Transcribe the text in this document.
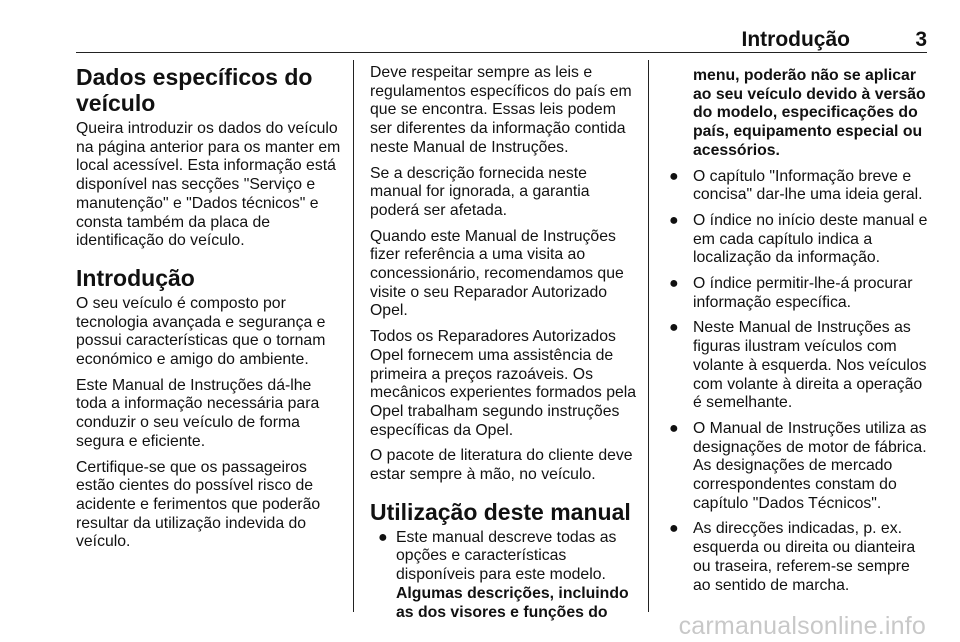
Introdução	3
Dados específicos do veículo

Queira introduzir os dados do veículo na página anterior para os manter em local acessível. Esta informação está disponível nas secções "Serviço e manutenção" e "Dados técnicos" e consta também da placa de identificação do veículo.

Introdução

O seu veículo é composto por tecnologia avançada e segurança e possui características que o tornam económico e amigo do ambiente.

Este Manual de Instruções dá-lhe toda a informação necessária para conduzir o seu veículo de forma segura e eficiente.

Certifique-se que os passageiros estão cientes do possível risco de acidente e ferimentos que poderão resultar da utilização indevida do veículo.

Deve respeitar sempre as leis e regulamentos específicos do país em que se encontra. Essas leis podem ser diferentes da informação contida neste Manual de Instruções.

Se a descrição fornecida neste manual for ignorada, a garantia poderá ser afetada.

Quando este Manual de Instruções fizer referência a uma visita ao concessionário, recomendamos que visite o seu Reparador Autorizado Opel.

Todos os Reparadores Autorizados Opel fornecem uma assistência de primeira a preços razoáveis. Os mecânicos experientes formados pela Opel trabalham segundo instruções específicas da Opel.

O pacote de literatura do cliente deve estar sempre à mão, no veículo.

Utilização deste manual
● Este manual descreve todas as opções e características disponíveis para este modelo. Algumas descrições, incluindo as dos visores e funções do
menu, poderão não se aplicar ao seu veículo devido à versão do modelo, especificações do país, equipamento especial ou acessórios.
● O capítulo "Informação breve e concisa" dar-lhe uma ideia geral.
● O índice no início deste manual e em cada capítulo indica a localização da informação.
● O índice permitir-lhe-á procurar informação específica.
● Neste Manual de Instruções as figuras ilustram veículos com volante à esquerda. Nos veículos com volante à direita a operação é semelhante.
● O Manual de Instruções utiliza as designações de motor de fábrica. As designações de mercado correspondentes constam do capítulo "Dados Técnicos".
● As direcções indicadas, p. ex. esquerda ou direita ou dianteira ou traseira, referem-se sempre ao sentido de marcha.
carmanualsonline.info
